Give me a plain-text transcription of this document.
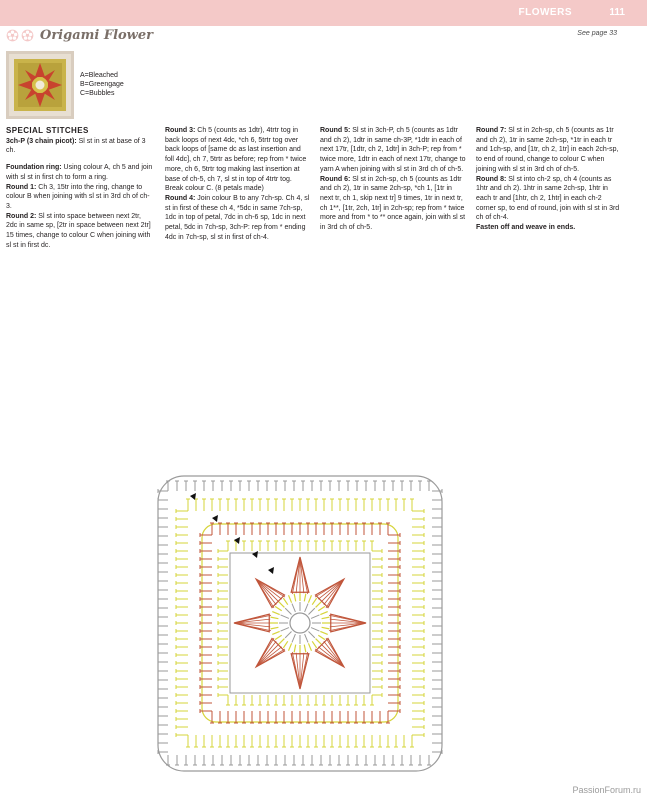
FLOWERS	111
Origami Flower	See page 33
A=Bleached
B=Greengage
C=Bubbles

SPECIAL STITCHES

3ch-P (3 chain picot): Sl st in st at base of 3 ch.

Foundation ring: Using colour A, ch 5 and join with sl st in first ch to form a ring.

Round 1: Ch 3, 15tr into the ring, change to colour B when joining with sl st in 3rd ch of ch-3.

Round 2: Sl st into space between next 2tr, 2dc in same sp, [2tr in space between next 2tr] 15 times, change to colour C when joining with sl st in first dc.

Round 3: Ch 5 (counts as 1dtr), 4trtr tog in back loops of next 4dc, *ch 6, 5trtr tog over back loops of [same dc as last insertion and foll 4dc], ch 7, 5trtr as before; rep from * twice more, ch 6, 5trtr tog making last insertion at base of ch-5, ch 7, sl st in top of 4trtr tog. Break colour C. (8 petals made)

Round 4: Join colour B to any 7ch-sp. Ch 4, sl st in first of these ch 4, *5dc in same 7ch-sp, 1dc in top of petal, 7dc in ch-6 sp, 1dc in next petal, 5dc in 7ch-sp, 3ch-P: rep from * ending 4dc in 7ch-sp, sl st in first of ch-4.

Round 5: Sl st in 3ch-P, ch 5 (counts as 1dtr and ch 2), 1dtr in same ch-3P, *1dtr in each of next 17tr, [1dtr, ch 2, 1dtr] in 3ch-P; rep from * twice more, 1dtr in each of next 17tr, change to yarn A when joining with sl st in 3rd ch of ch-5.

Round 6: Sl st in 2ch-sp, ch 5 (counts as 1dtr and ch 2), 1tr in same 2ch-sp, *ch 1, [1tr in next tr, ch 1, skip next tr] 9 times, 1tr in next tr, ch 1**, [1tr, 2ch, 1tr] in 2ch-sp; rep from * twice more and from * to ** once again, join with sl st in 3rd ch of ch-5.

Round 7: Sl st in 2ch-sp, ch 5 (counts as 1tr and ch 2), 1tr in same 2ch-sp, *1tr in each tr and 1ch-sp, and [1tr, ch 2, 1tr] in each 2ch-sp, to end of round, change to colour C when joining with sl st in 3rd ch of ch-5.

Round 8: Sl st into ch-2 sp, ch 4 (counts as 1htr and ch 2). 1htr in same 2ch-sp, 1htr in each tr and [1htr, ch 2, 1htr] in each ch-2 corner sp, to end of round, join with sl st in 3rd ch of ch-4.

Fasten off and weave in ends.

PassionForum.ru
